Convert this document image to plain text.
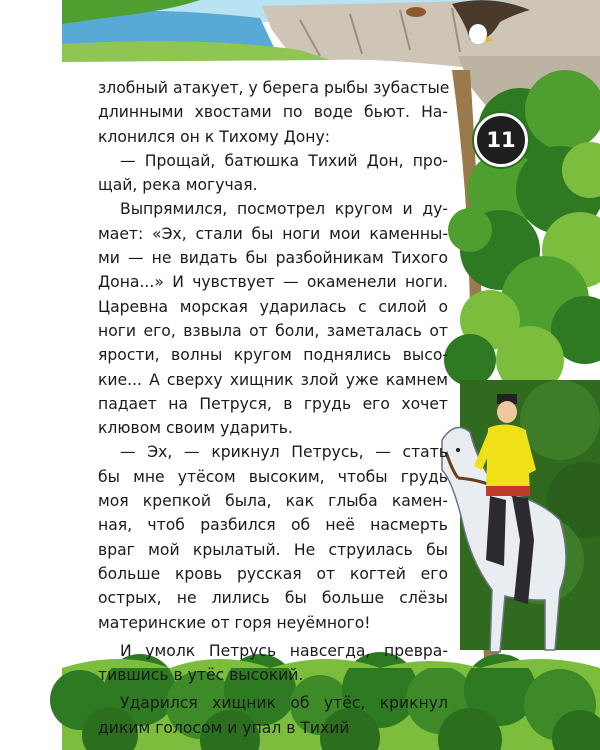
11
злобный атакует, у берега рыбы зубастые
длинными хвостами по воде бьют. На-
клонился он к Тихому Дону:
— Прощай, батюшка Тихий Дон, про-
щай, река могучая.
Выпрямился, посмотрел кругом и ду-
мает: «Эх, стали бы ноги мои каменны-
ми — не видать бы разбойникам Тихого
Дона...» И чувствует — окаменели ноги.
Царевна морская ударилась с силой о
ноги его, взвыла от боли, заметалась от
ярости, волны кругом поднялись высо-
кие... А сверху хищник злой уже камнем
падает на Петруся, в грудь его хочет
клювом своим ударить.
— Эх, — крикнул Петрусь, — стать
бы мне утёсом высоким, чтобы грудь
моя крепкой была, как глыба камен-
ная, чтоб разбился об неё насмерть
враг мой крылатый. Не струилась бы
больше кровь русская от когтей его
острых, не лились бы больше слёзы
материнские от горя неуёмного!
И умолк Петрусь навсегда, превра-
тившись в утёс высокий.
Ударился хищник об утёс, крикнул
диким голосом и упал в Тихий
